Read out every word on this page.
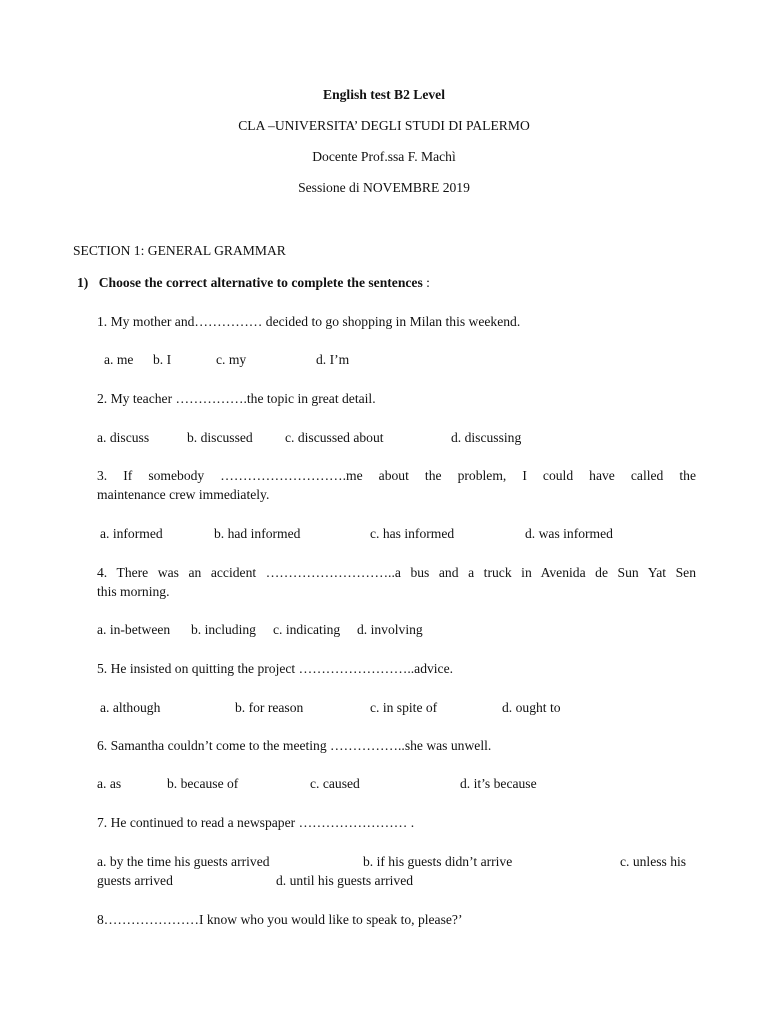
English test B2 Level
CLA –UNIVERSITA’ DEGLI STUDI DI PALERMO
Docente Prof.ssa F. Machì
Sessione di NOVEMBRE 2019
SECTION 1: GENERAL GRAMMAR
1) Choose the correct alternative to complete the sentences :
1. My mother and…………… decided to go shopping in Milan this weekend.
a. me b. I	c. my	d. I’m
2. My teacher …………….the topic in great detail.
a. discuss	b. discussed c. discussed about	d. discussing
3. If somebody ……………………….me about the problem, I could have called the
maintenance crew immediately.
a. informed	b. had informed	c. has informed	d. was informed
4. There was an accident ………………………..a bus and a truck in Avenida de Sun Yat Sen
this morning.
a. in-between b. including c. indicating d. involving
5. He insisted on quitting the project ……………………..advice.
a. although	b. for reason	c. in spite of	d. ought to
6. Samantha couldn’t come to the meeting ……………..she was unwell.
a. as	b. because of	c. caused	d. it’s because
7. He continued to read a newspaper …………………… .
a. by the time his guests arrived	b. if his guests didn’t arrive	c. unless his
guests arrived	d. until his guests arrived
8…………………I know who you would like to speak to, please?’
